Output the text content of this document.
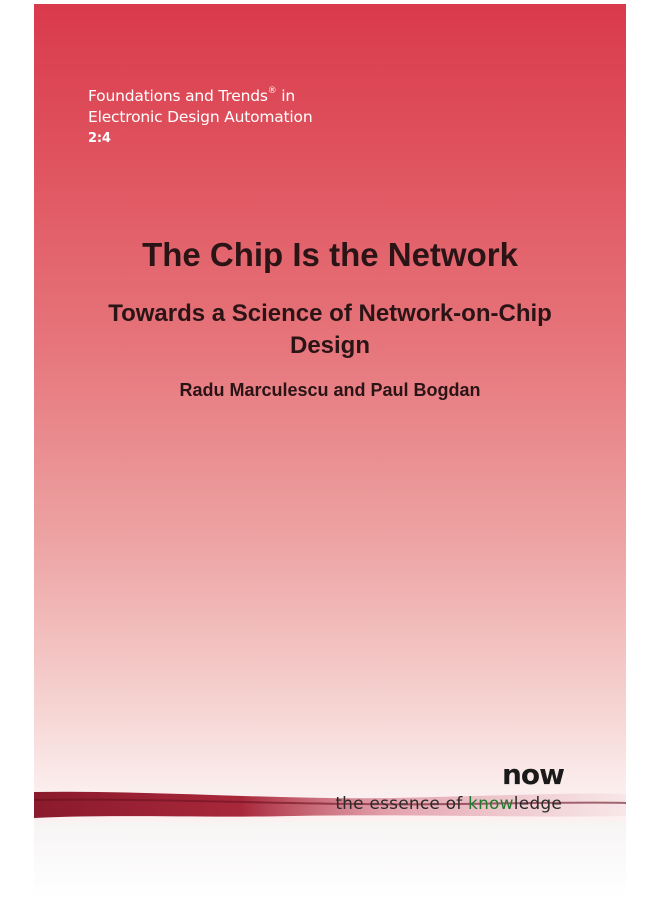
Foundations and Trends® in
Electronic Design Automation
2:4
The Chip Is the Network
Towards a Science of Network-on-Chip Design
Radu Marculescu and Paul Bogdan
now
the essence of knowledge
